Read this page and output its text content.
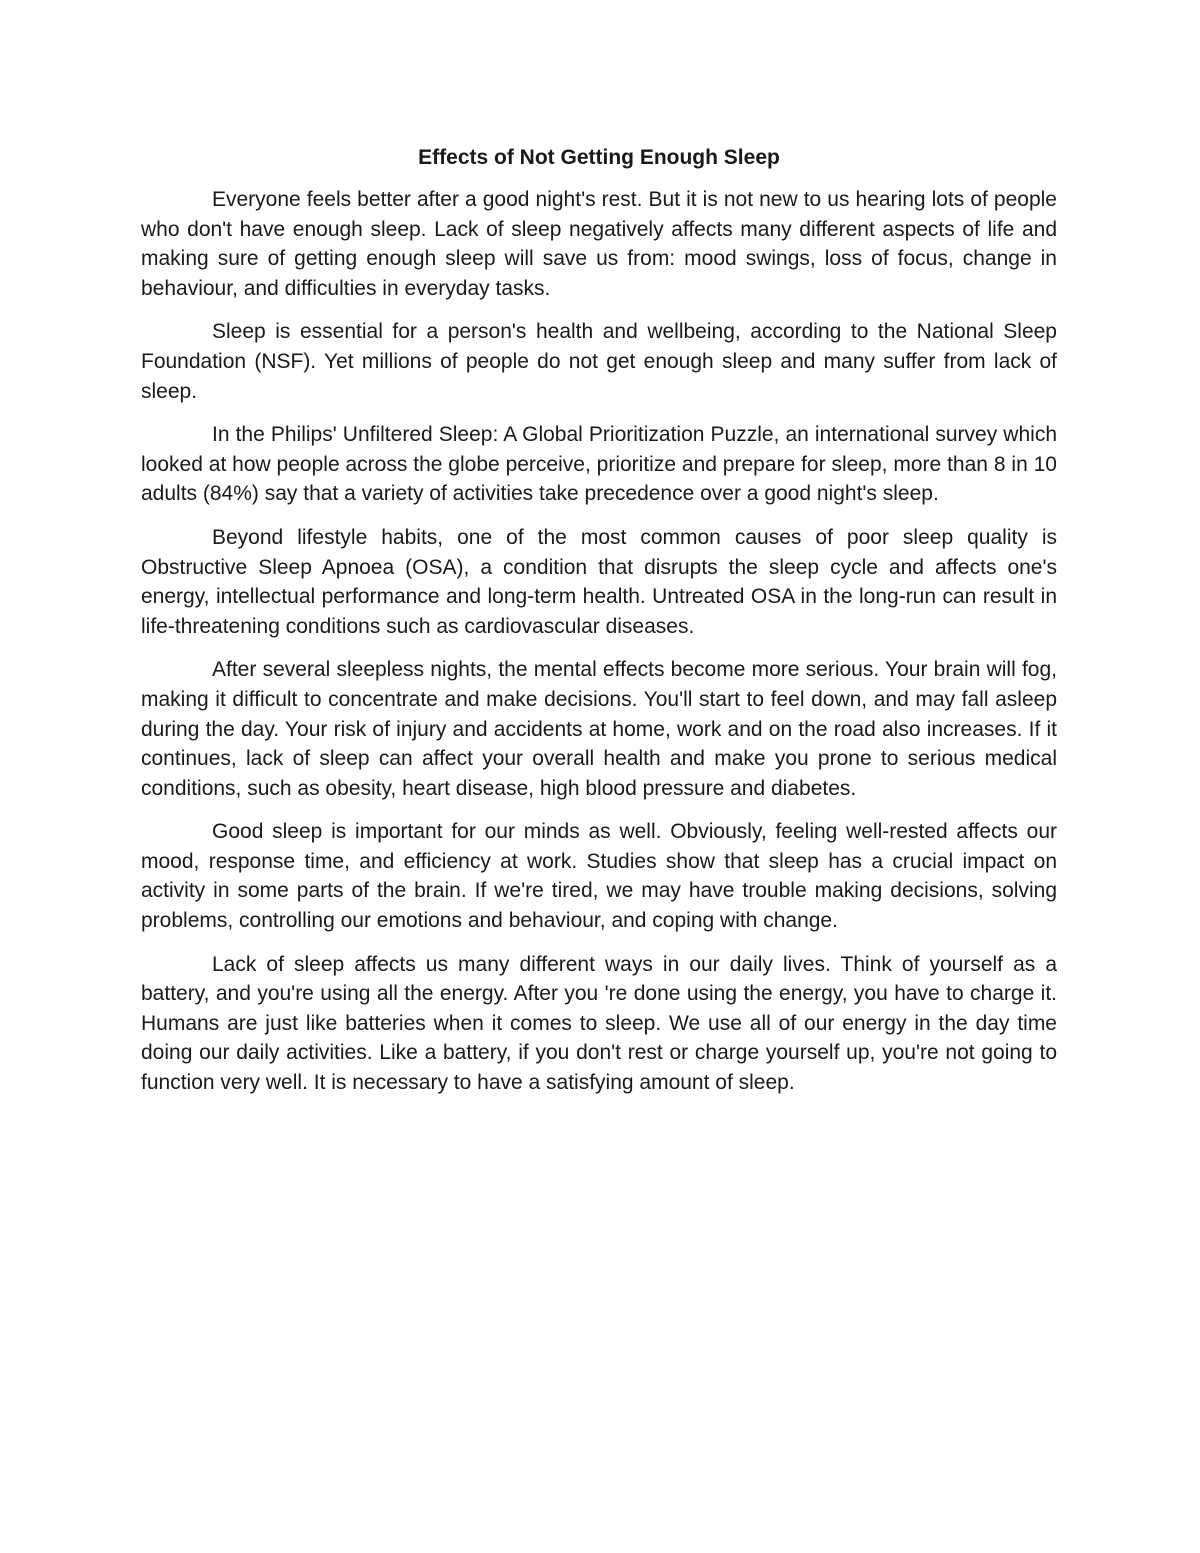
Effects of Not Getting Enough Sleep

Everyone feels better after a good night's rest. But it is not new to us hearing lots of people who don't have enough sleep. Lack of sleep negatively affects many different aspects of life and making sure of getting enough sleep will save us from: mood swings, loss of focus, change in behaviour, and difficulties in everyday tasks.

Sleep is essential for a person's health and wellbeing, according to the National Sleep Foundation (NSF). Yet millions of people do not get enough sleep and many suffer from lack of sleep.

In the Philips' Unfiltered Sleep: A Global Prioritization Puzzle, an international survey which looked at how people across the globe perceive, prioritize and prepare for sleep, more than 8 in 10 adults (84%) say that a variety of activities take precedence over a good night's sleep.

Beyond lifestyle habits, one of the most common causes of poor sleep quality is Obstructive Sleep Apnoea (OSA), a condition that disrupts the sleep cycle and affects one's energy, intellectual performance and long-term health. Untreated OSA in the long-run can result in life-threatening conditions such as cardiovascular diseases.

After several sleepless nights, the mental effects become more serious. Your brain will fog, making it difficult to concentrate and make decisions. You'll start to feel down, and may fall asleep during the day. Your risk of injury and accidents at home, work and on the road also increases. If it continues, lack of sleep can affect your overall health and make you prone to serious medical conditions, such as obesity, heart disease, high blood pressure and diabetes.

Good sleep is important for our minds as well. Obviously, feeling well-rested affects our mood, response time, and efficiency at work. Studies show that sleep has a crucial impact on activity in some parts of the brain. If we're tired, we may have trouble making decisions, solving problems, controlling our emotions and behaviour, and coping with change.

Lack of sleep affects us many different ways in our daily lives. Think of yourself as a battery, and you're using all the energy. After you 're done using the energy, you have to charge it. Humans are just like batteries when it comes to sleep. We use all of our energy in the day time doing our daily activities. Like a battery, if you don't rest or charge yourself up, you're not going to function very well. It is necessary to have a satisfying amount of sleep.
